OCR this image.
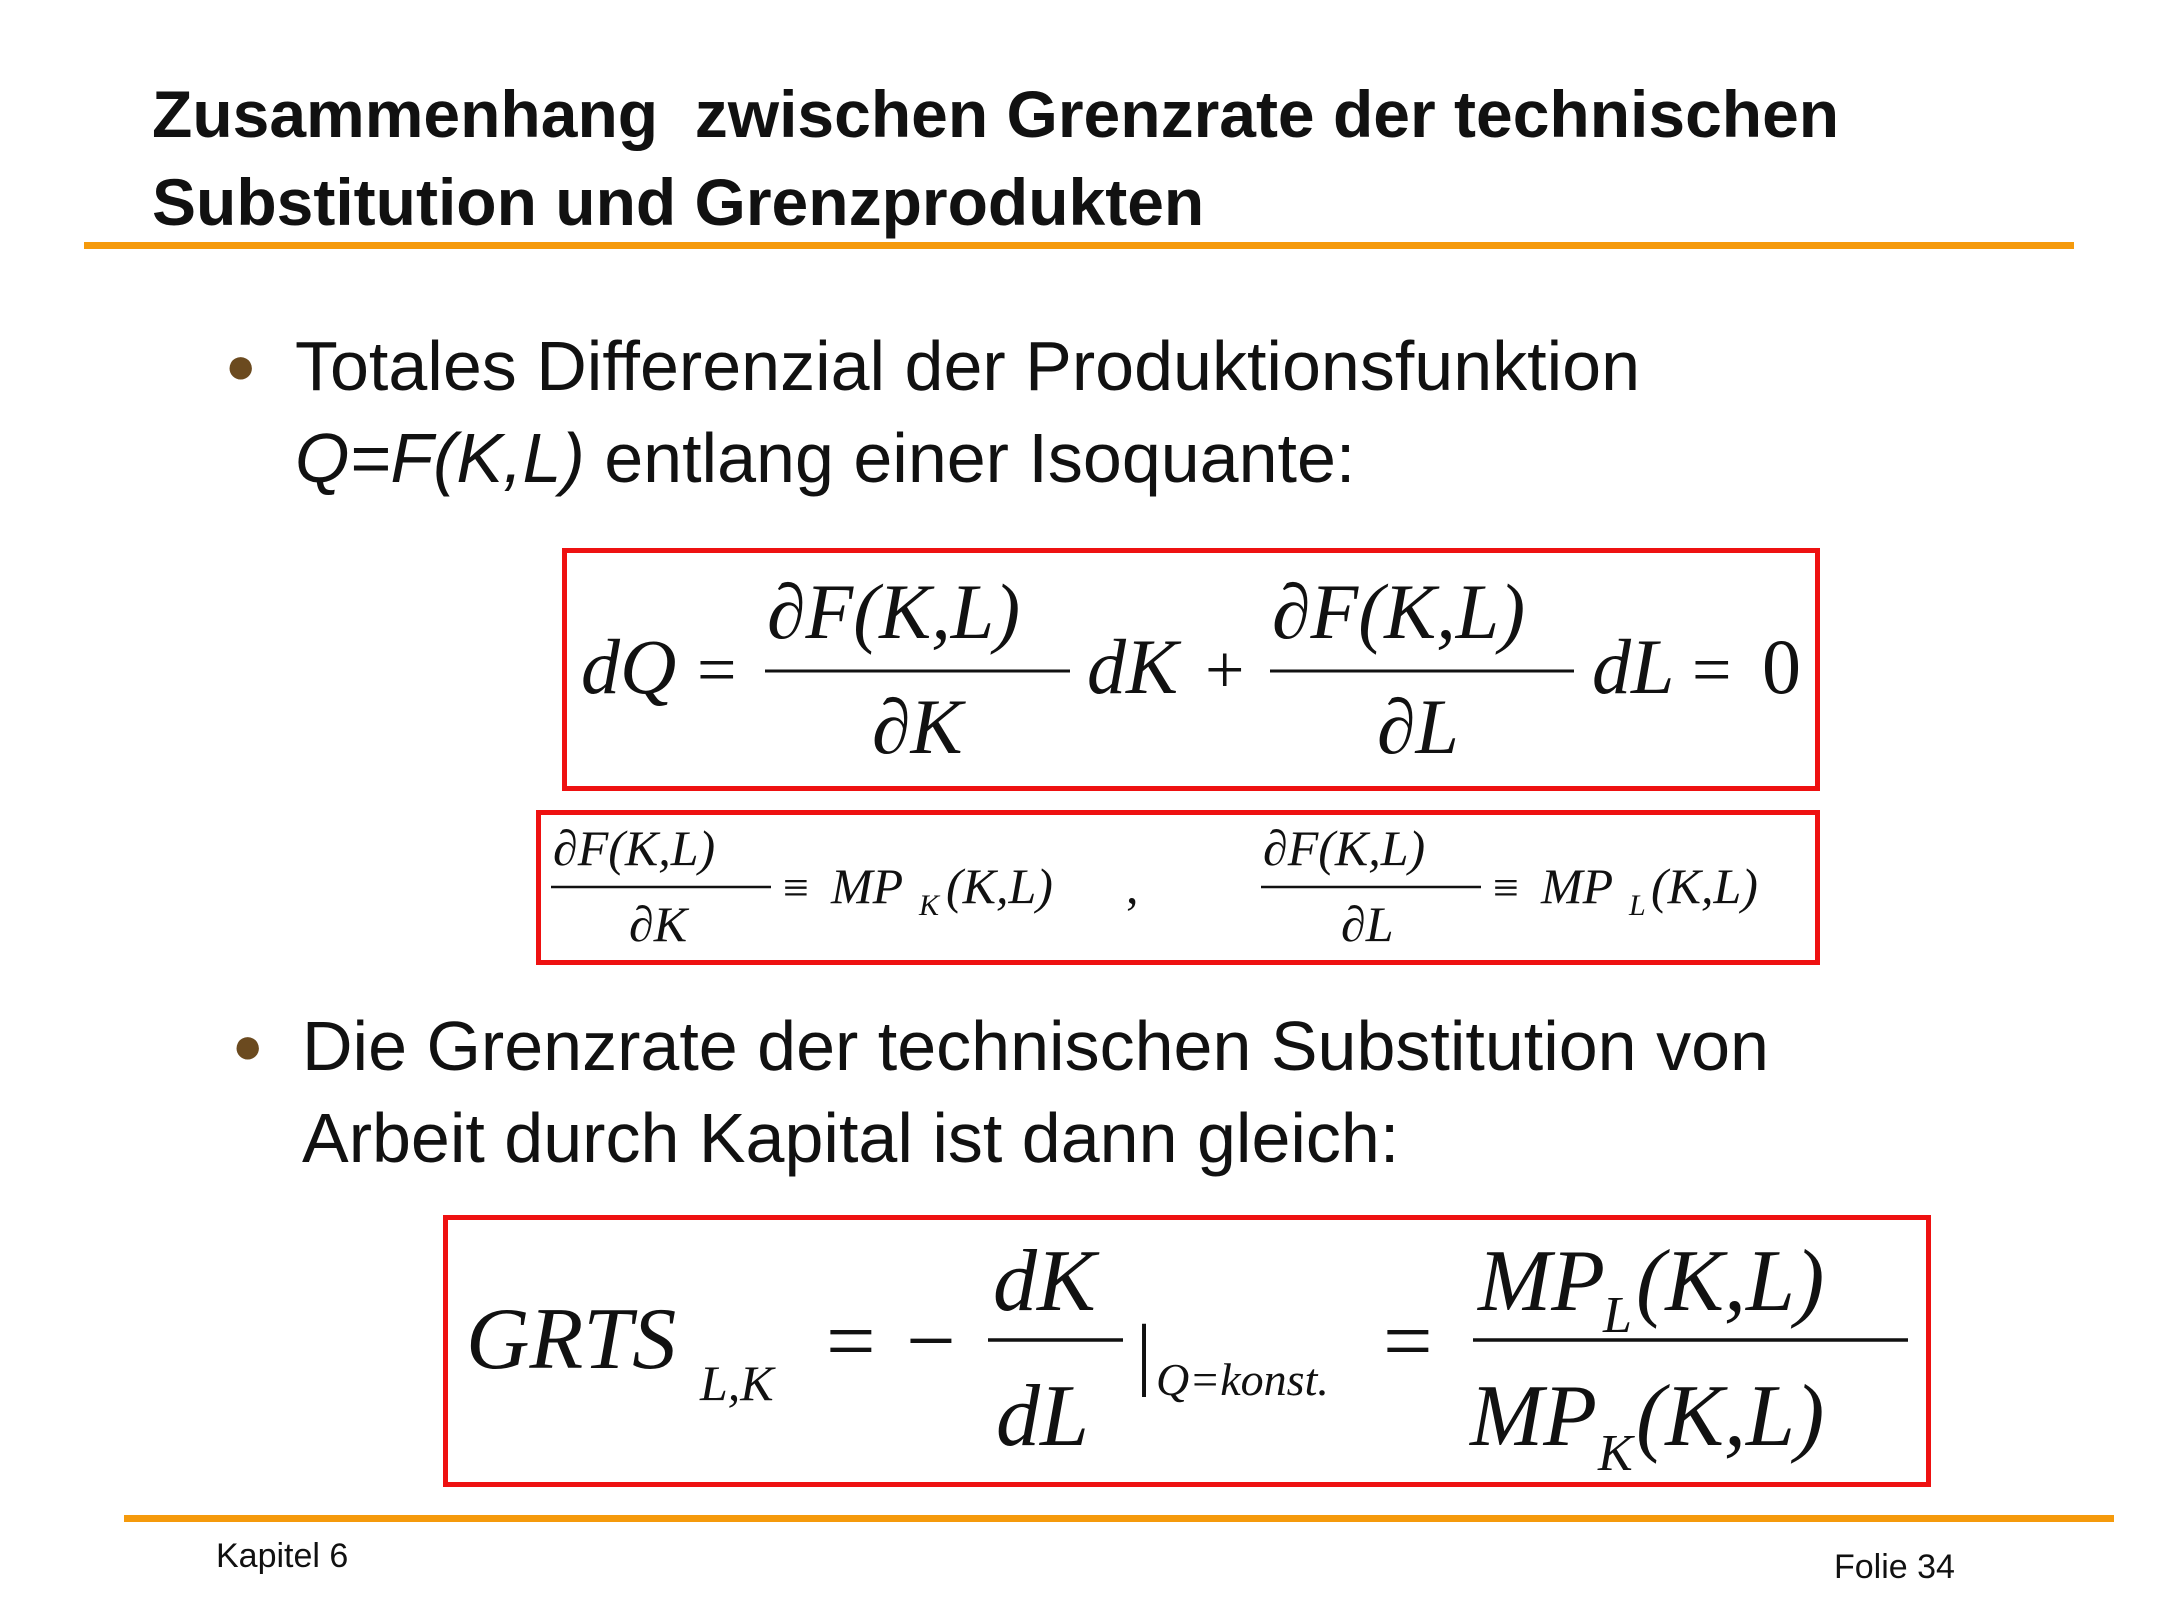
Zusammenhang  zwischen Grenzrate der technischen
Substitution und Grenzprodukten
● Totales Differenzial der Produktionsfunktion
Q=F(K,L) entlang einer Isoquante:
dQ =
∂F(K,L)
∂K
dK +
∂F(K,L)
∂L
dL = 0
∂F(K,L)
∂K
≡ MP K (K,L) ,
∂F(K,L)
∂L
≡ MP L (K,L)
● Die Grenzrate der technischen Substitution von
Arbeit durch Kapital ist dann gleich:
GRTS L,K = −
dK
dL
| Q=konst. =
MP
L (K,L)
MP K (K,L)
Kapitel 6	Folie 34
